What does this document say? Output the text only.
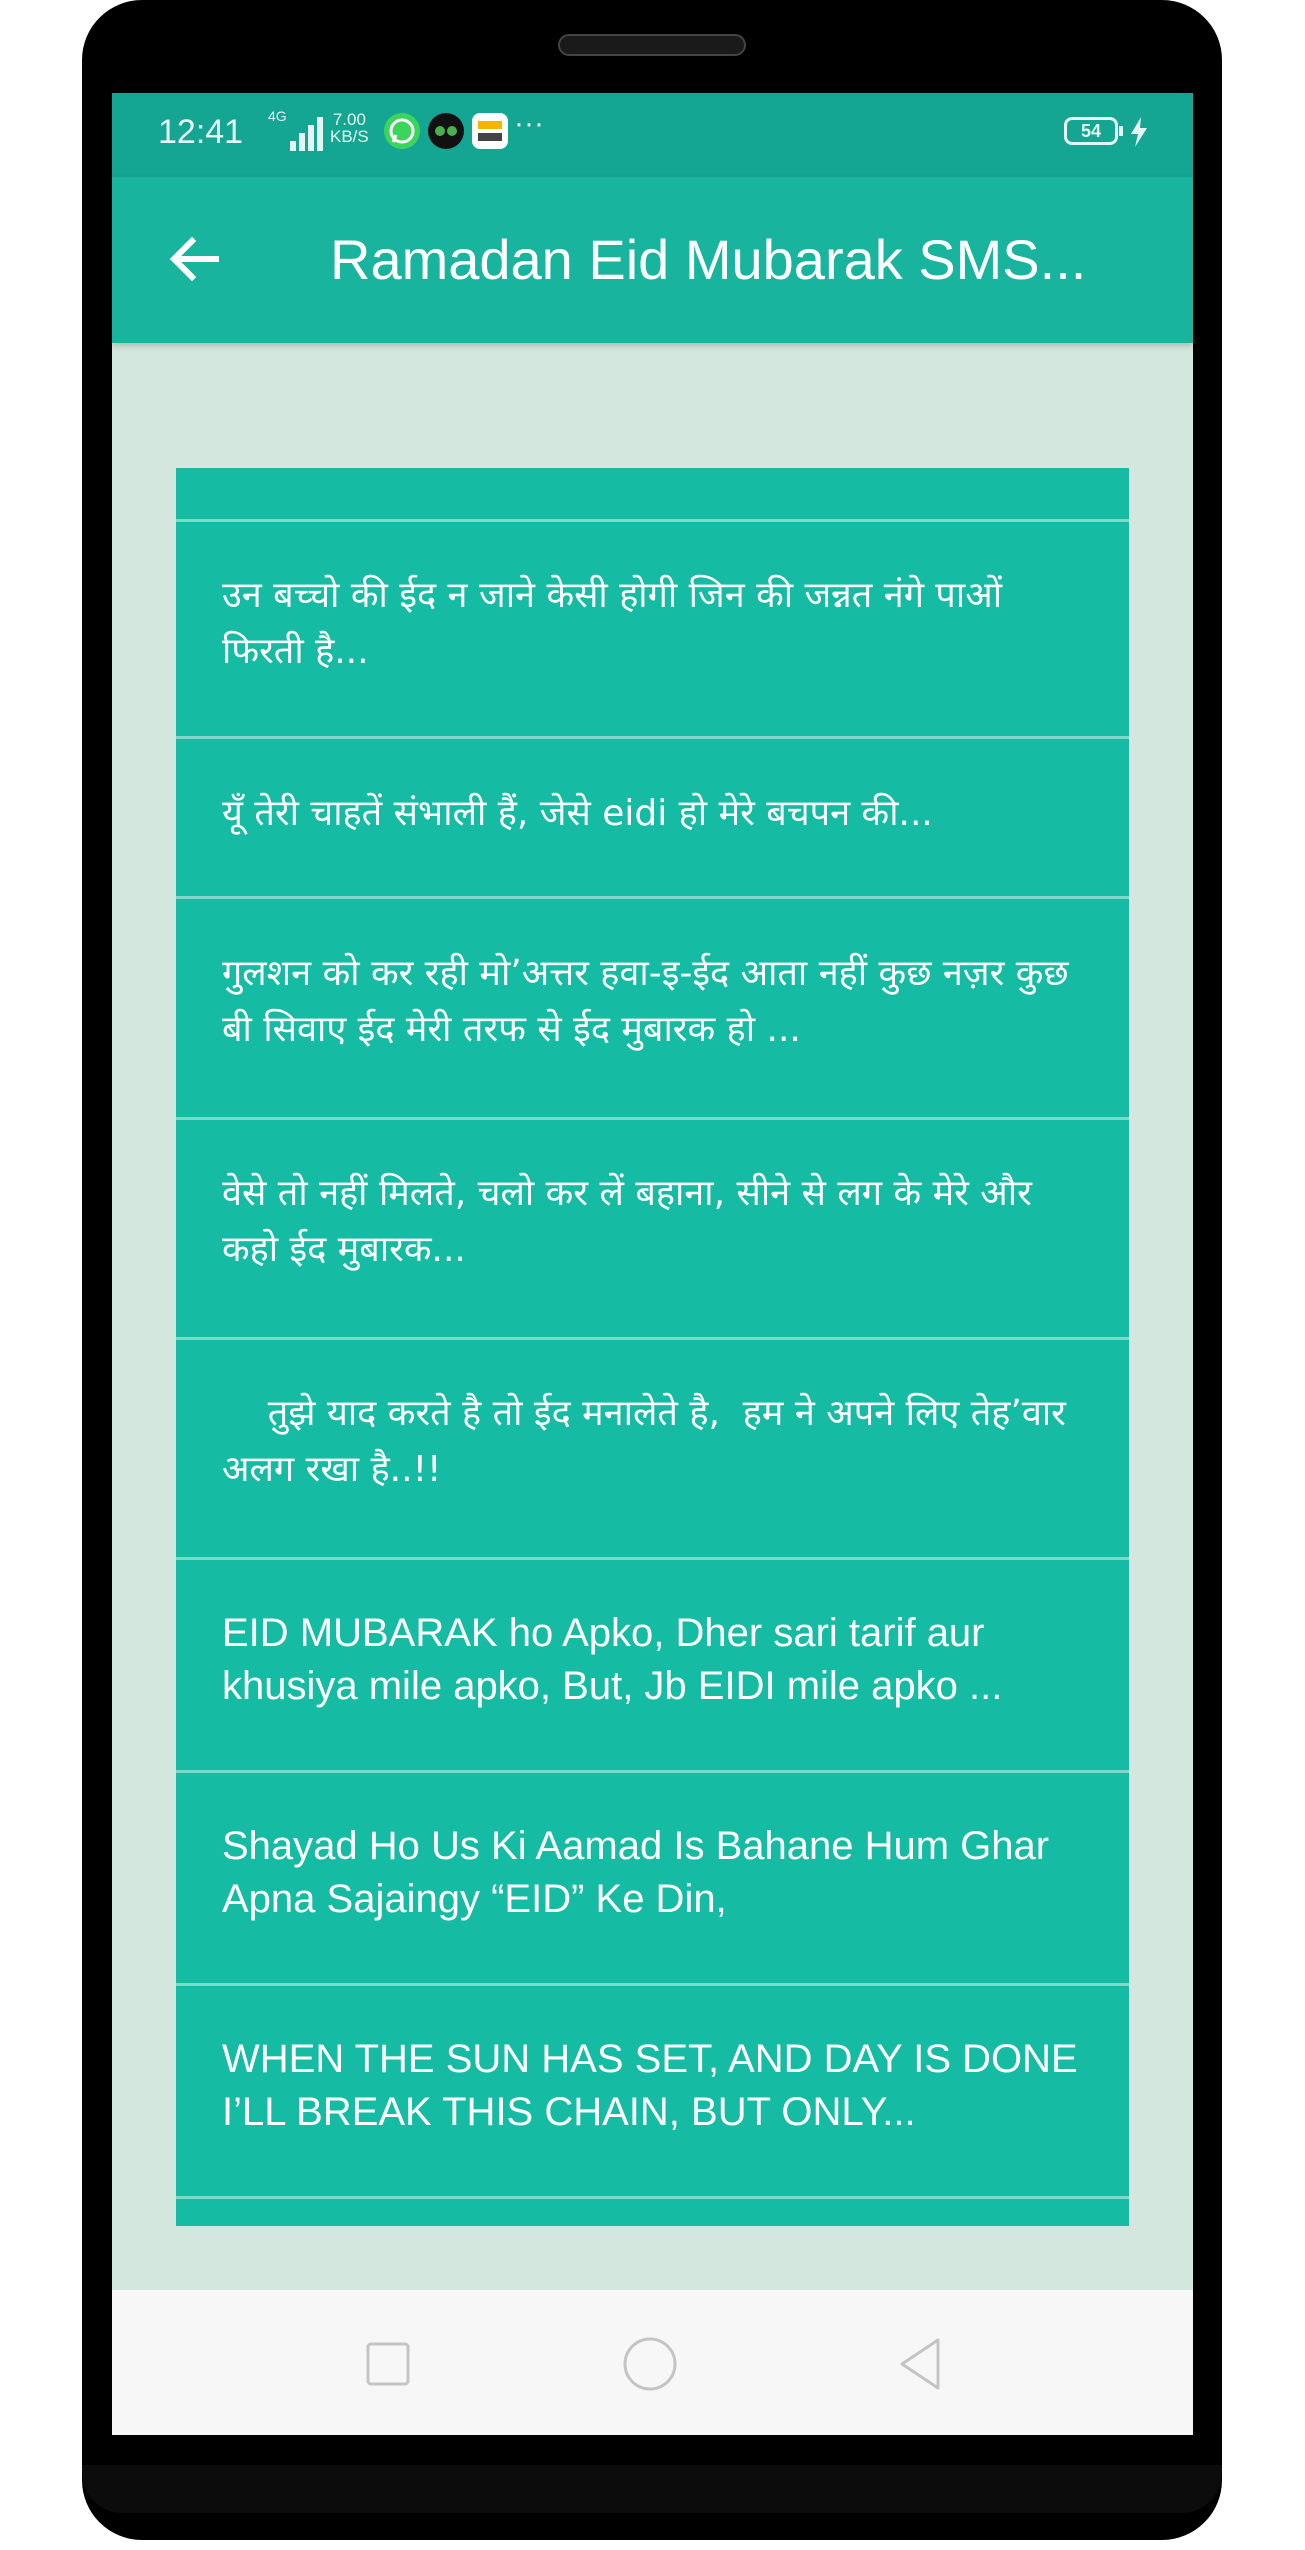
12:41 4G	7.00
KB/S	···	54
Ramadan Eid Mubarak SMS...
उन बच्चो की ईद न जाने केसी होगी जिन की जन्नत नंगे पाओं फिरती है...
यूँ तेरी चाहतें संभाली हैं, जेसे eidi हो मेरे बचपन की...
गुलशन को कर रही मो’अत्तर हवा-इ-ईद आता नहीं कुछ नज़र कुछ बी सिवाए ईद मेरी तरफ से ईद मुबारक हो ...
वेसे तो नहीं मिलते, चलो कर लें बहाना, सीने से लग के मेरे और कहो ईद मुबारक...
तुझे याद करते है तो ईद मनालेते है,  हम ने अपने लिए तेह’वार अलग रखा है..!!
EID MUBARAK ho Apko, Dher sari tarif aur khusiya mile apko, But, Jb EIDI mile apko ...
Shayad Ho Us Ki Aamad Is Bahane Hum Ghar Apna Sajaingy “EID” Ke Din,
WHEN THE SUN HAS SET, AND DAY IS DONE I’LL BREAK THIS CHAIN, BUT ONLY...
